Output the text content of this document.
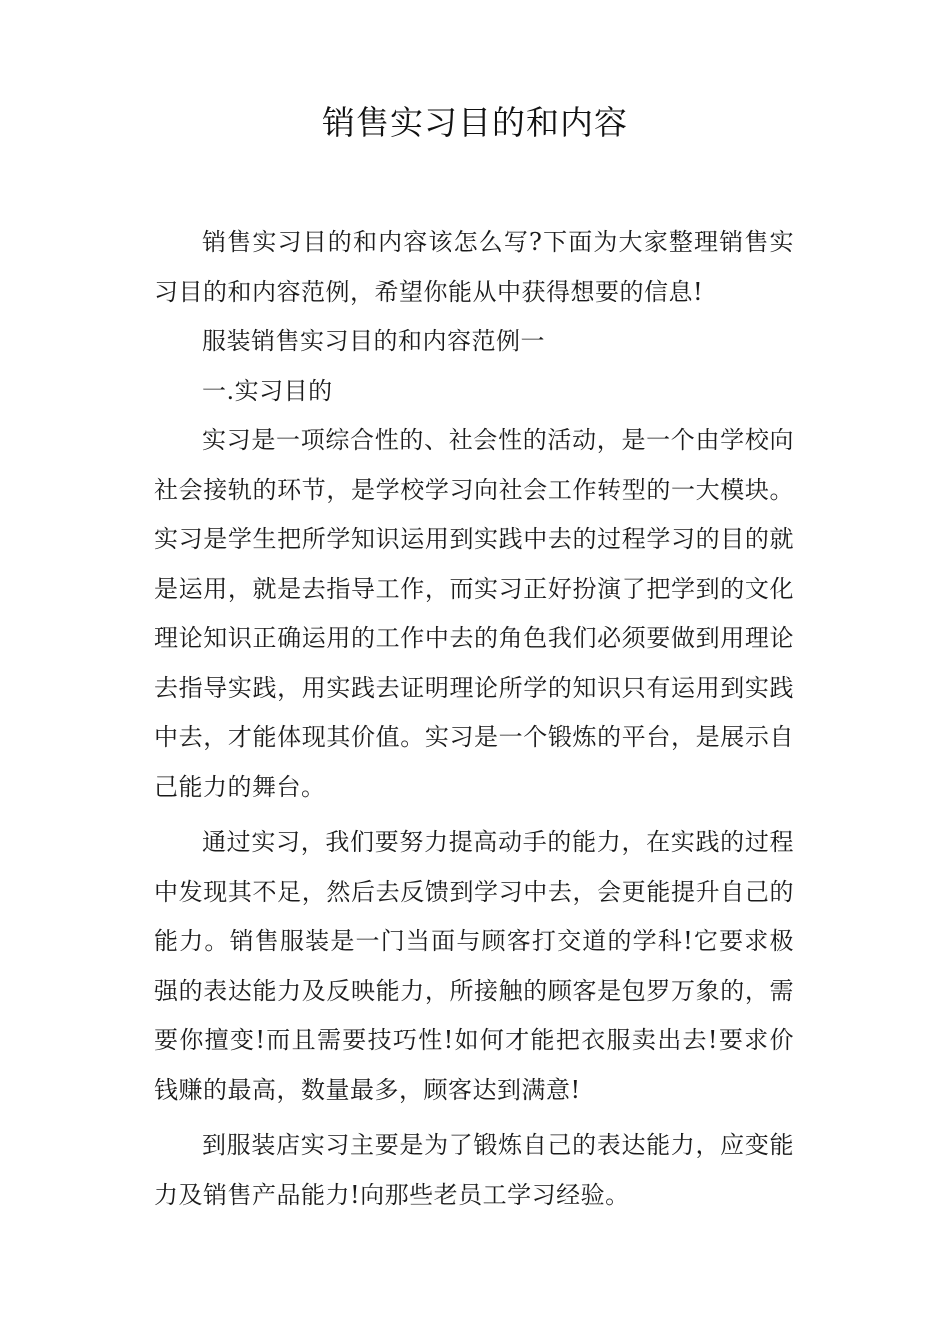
销售实习目的和内容

销售实习目的和内容该怎么写?下面为大家整理销售实习目的和内容范例，希望你能从中获得想要的信息!

服装销售实习目的和内容范例一

一.实习目的

实习是一项综合性的、社会性的活动，是一个由学校向社会接轨的环节，是学校学习向社会工作转型的一大模块。实习是学生把所学知识运用到实践中去的过程学习的目的就是运用，就是去指导工作，而实习正好扮演了把学到的文化理论知识正确运用的工作中去的角色我们必须要做到用理论去指导实践，用实践去证明理论所学的知识只有运用到实践中去，才能体现其价值。实习是一个锻炼的平台，是展示自己能力的舞台。

通过实习，我们要努力提高动手的能力，在实践的过程中发现其不足，然后去反馈到学习中去，会更能提升自己的能力。销售服装是一门当面与顾客打交道的学科!它要求极强的表达能力及反映能力，所接触的顾客是包罗万象的，需要你擅变!而且需要技巧性!如何才能把衣服卖出去!要求价钱赚的最高，数量最多，顾客达到满意!

到服装店实习主要是为了锻炼自己的表达能力，应变能力及销售产品能力!向那些老员工学习经验。
